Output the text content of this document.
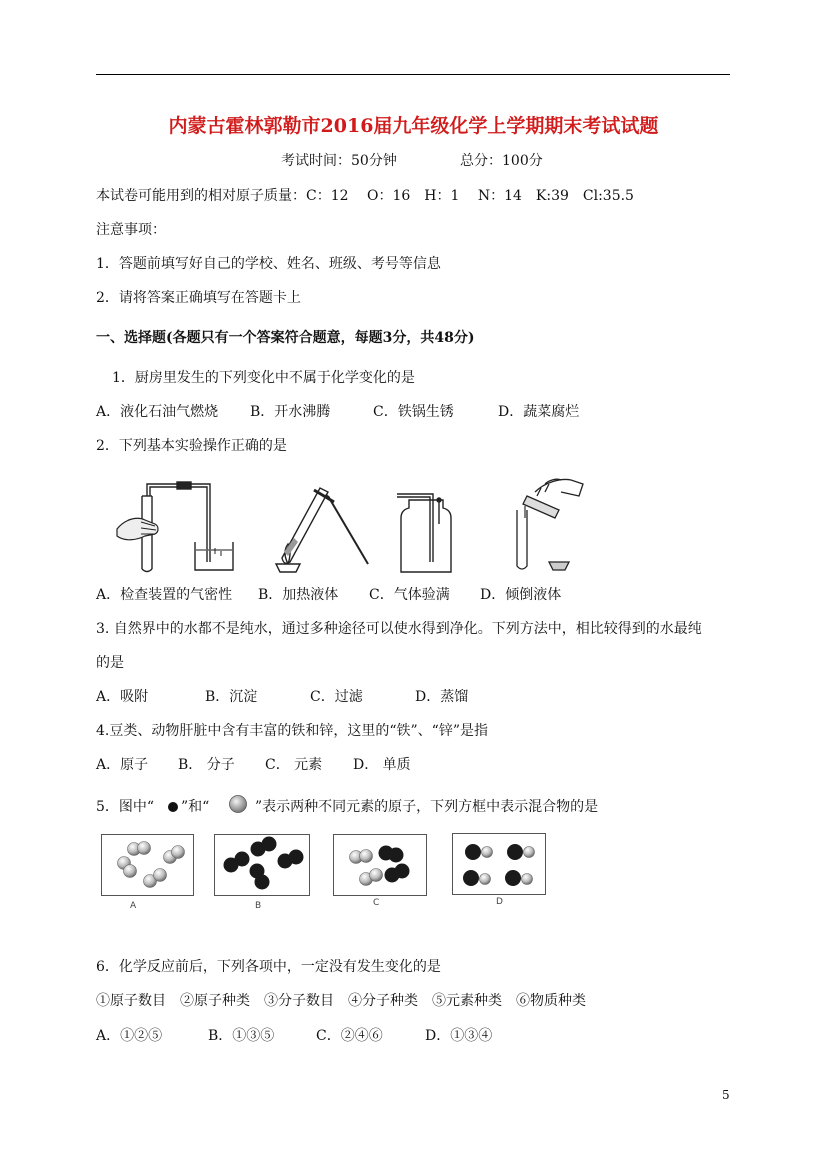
内蒙古霍林郭勒市2016届九年级化学上学期期末考试试题
考试时间：50分钟	总分：100分
本试卷可能用到的相对原子质量：C：12　 O：16　H：1　 N：14　K:39　Cl:35.5
注意事项：
1．答题前填写好自己的学校、姓名、班级、考号等信息
2．请将答案正确填写在答题卡上
一、选择题(各题只有一个答案符合题意，每题3分，共48分)
1．厨房里发生的下列变化中不属于化学变化的是
A．液化石油气燃烧 B．开水沸腾	C．铁锅生锈	D．蔬菜腐烂
2．下列基本实验操作正确的是
A．检查装置的气密性 B．加热液体 C．气体验满 D．倾倒液体
3. 自然界中的水都不是纯水，通过多种途径可以使水得到净化。下列方法中，相比较得到的水最纯
的是
A．吸附	B．沉淀	C．过滤	D．蒸馏
4.豆类、动物肝脏中含有丰富的铁和锌，这里的“铁”、“锌”是指
A．原子 B． 分子 C． 元素 D． 单质
5．图中“ ”和“	”表示两种不同元素的原子，下列方框中表示混合物的是
A	B	C	D
6．化学反应前后，下列各项中，一定没有发生变化的是
①原子数目　②原子种类　③分子数目　④分子种类　⑤元素种类　⑥物质种类
A．①②⑤	B．①③⑤	C．②④⑥	D．①③④
5
